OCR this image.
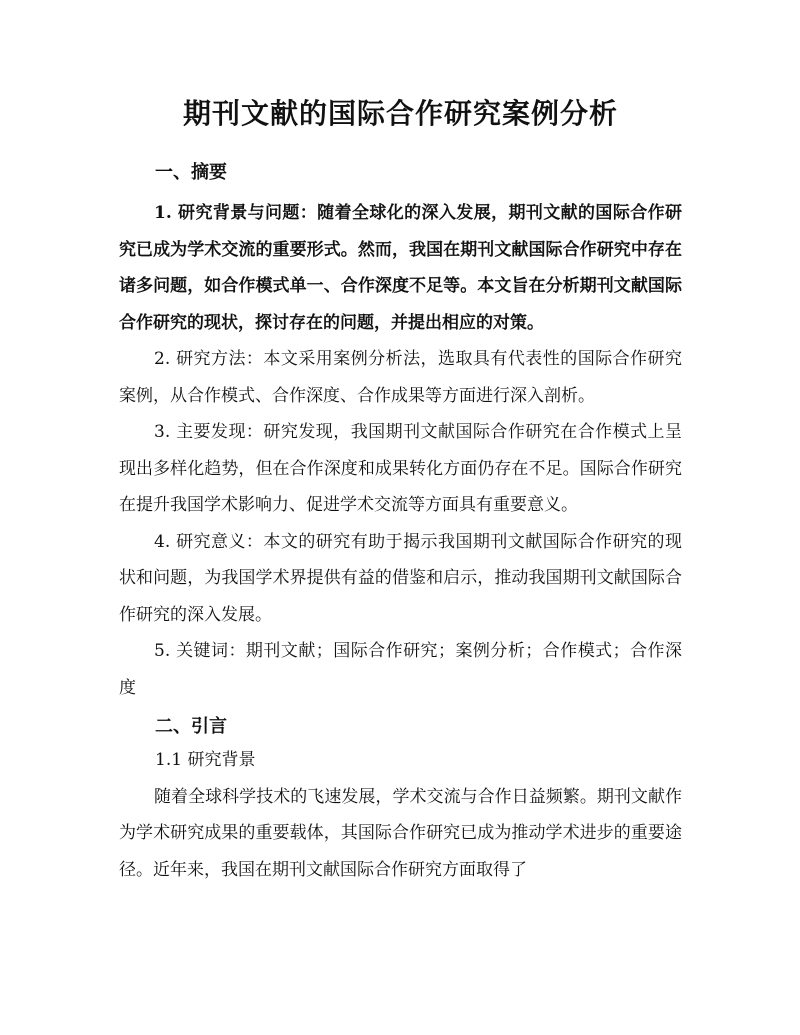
期刊文献的国际合作研究案例分析
一、摘要

1. 研究背景与问题：随着全球化的深入发展，期刊文献的国际合作研究已成为学术交流的重要形式。然而，我国在期刊文献国际合作研究中存在诸多问题，如合作模式单一、合作深度不足等。本文旨在分析期刊文献国际合作研究的现状，探讨存在的问题，并提出相应的对策。

2. 研究方法：本文采用案例分析法，选取具有代表性的国际合作研究案例，从合作模式、合作深度、合作成果等方面进行深入剖析。

3. 主要发现：研究发现，我国期刊文献国际合作研究在合作模式上呈现出多样化趋势，但在合作深度和成果转化方面仍存在不足。国际合作研究在提升我国学术影响力、促进学术交流等方面具有重要意义。

4. 研究意义：本文的研究有助于揭示我国期刊文献国际合作研究的现状和问题，为我国学术界提供有益的借鉴和启示，推动我国期刊文献国际合作研究的深入发展。

5. 关键词：期刊文献；国际合作研究；案例分析；合作模式；合作深度

二、引言
1.1 研究背景

随着全球科学技术的飞速发展，学术交流与合作日益频繁。期刊文献作为学术研究成果的重要载体，其国际合作研究已成为推动学术进步的重要途径。近年来，我国在期刊文献国际合作研究方面取得了
